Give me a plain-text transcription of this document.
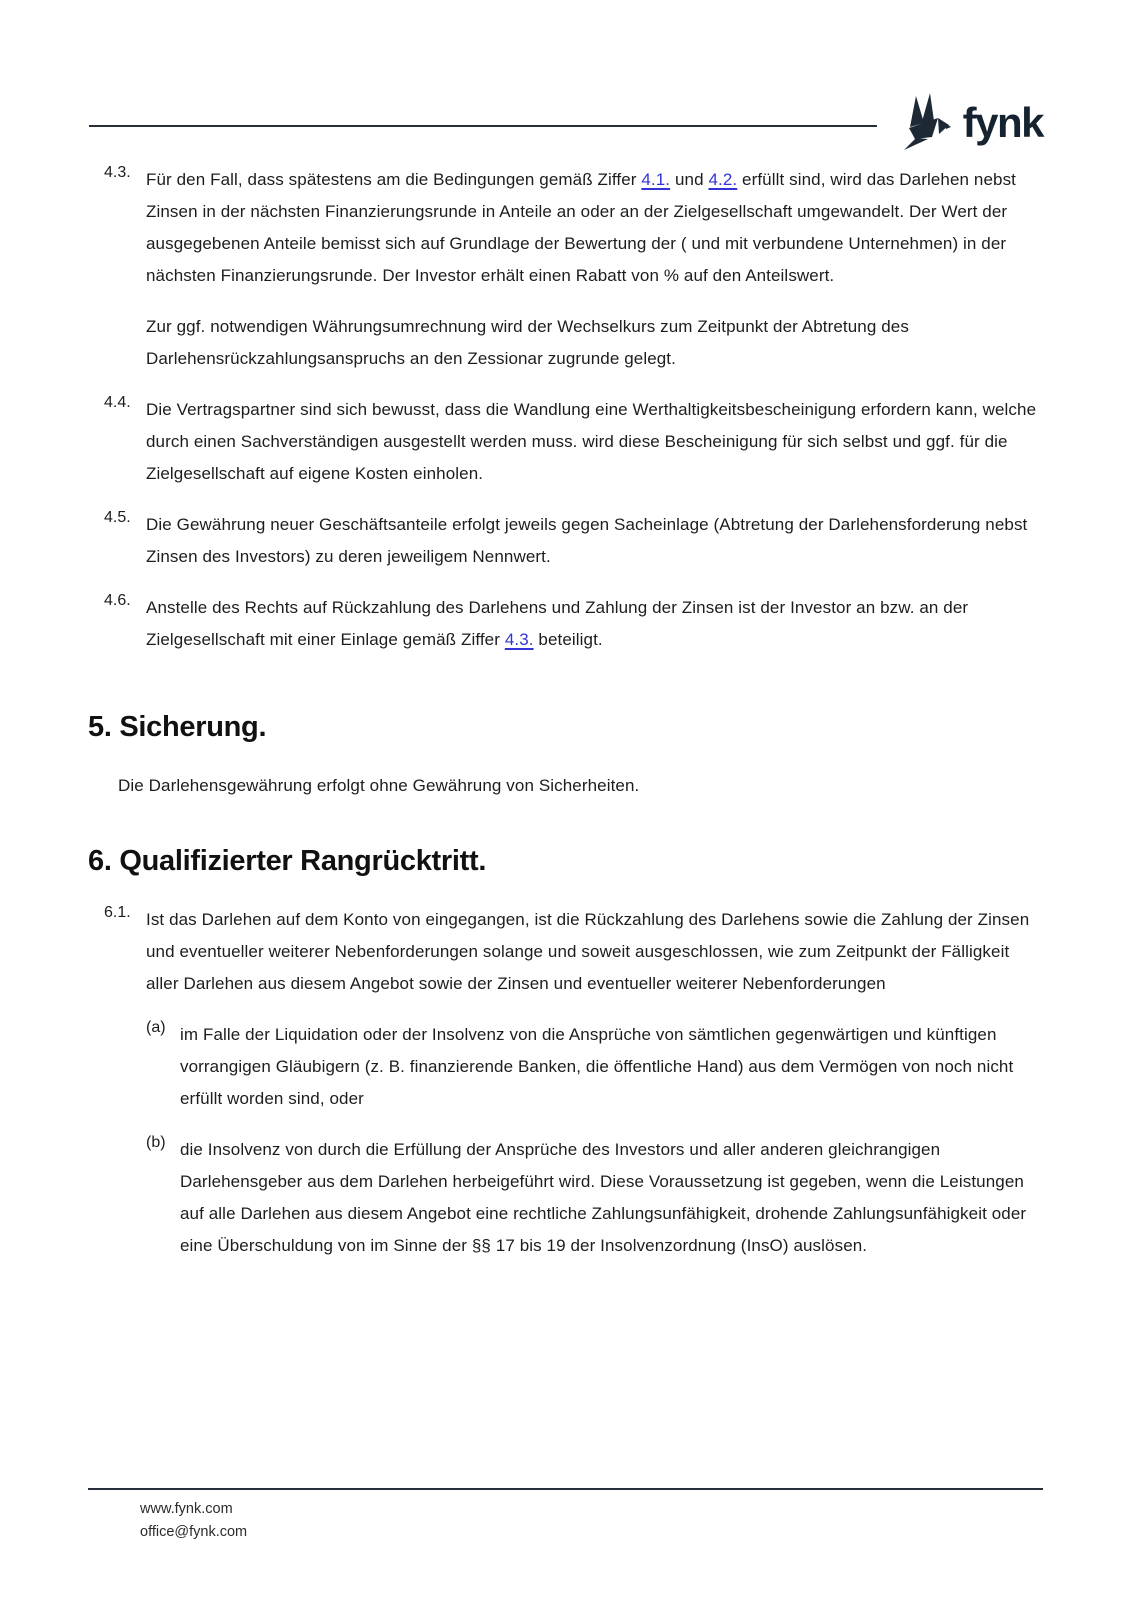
fynk
4.3. Für den Fall, dass spätestens am die Bedingungen gemäß Ziffer 4.1. und 4.2. erfüllt sind, wird das Darlehen nebst Zinsen in der nächsten Finanzierungsrunde in Anteile an oder an der Zielgesellschaft umgewandelt. Der Wert der ausgegebenen Anteile bemisst sich auf Grundlage der Bewertung der ( und mit verbundene Unternehmen) in der nächsten Finanzierungsrunde. Der Investor erhält einen Rabatt von % auf den Anteilswert.

Zur ggf. notwendigen Währungsumrechnung wird der Wechselkurs zum Zeitpunkt der Abtretung des Darlehensrückzahlungsanspruchs an den Zessionar zugrunde gelegt.

4.4. Die Vertragspartner sind sich bewusst, dass die Wandlung eine Werthaltigkeitsbescheinigung erfordern kann, welche durch einen Sachverständigen ausgestellt werden muss. wird diese Bescheinigung für sich selbst und ggf. für die Zielgesellschaft auf eigene Kosten einholen.

4.5. Die Gewährung neuer Geschäftsanteile erfolgt jeweils gegen Sacheinlage (Abtretung der Darlehensforderung nebst Zinsen des Investors) zu deren jeweiligem Nennwert.

4.6. Anstelle des Rechts auf Rückzahlung des Darlehens und Zahlung der Zinsen ist der Investor an bzw. an der Zielgesellschaft mit einer Einlage gemäß Ziffer 4.3. beteiligt.

5. Sicherung.

Die Darlehensgewährung erfolgt ohne Gewährung von Sicherheiten.

6. Qualifizierter Rangrücktritt.
6.1. Ist das Darlehen auf dem Konto von eingegangen, ist die Rückzahlung des Darlehens sowie die Zahlung der Zinsen und eventueller weiterer Nebenforderungen solange und soweit ausgeschlossen, wie zum Zeitpunkt der Fälligkeit aller Darlehen aus diesem Angebot sowie der Zinsen und eventueller weiterer Nebenforderungen

(a) im Falle der Liquidation oder der Insolvenz von die Ansprüche von sämtlichen gegenwärtigen und künftigen vorrangigen Gläubigern (z. B. finanzierende Banken, die öffentliche Hand) aus dem Vermögen von noch nicht erfüllt worden sind, oder

(b) die Insolvenz von durch die Erfüllung der Ansprüche des Investors und aller anderen gleichrangigen Darlehensgeber aus dem Darlehen herbeigeführt wird. Diese Voraussetzung ist gegeben, wenn die Leistungen auf alle Darlehen aus diesem Angebot eine rechtliche Zahlungsunfähigkeit, drohende Zahlungsunfähigkeit oder eine Überschuldung von im Sinne der §§ 17 bis 19 der Insolvenzordnung (InsO) auslösen.

www.fynk.com
office@fynk.com
